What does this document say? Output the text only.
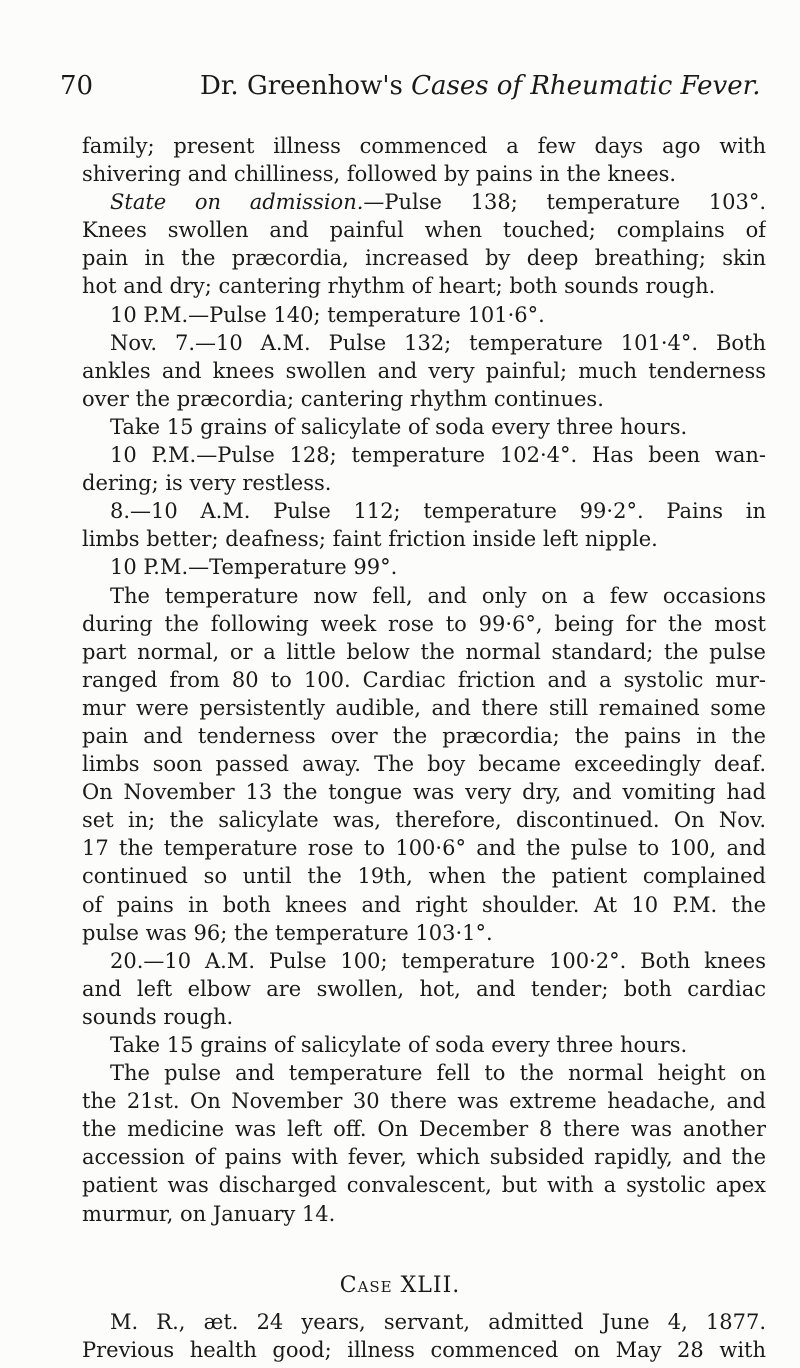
70	Dr. Greenhow's Cases of Rheumatic Fever.
family; present illness commenced a few days ago with
shivering and chilliness, followed by pains in the knees.
State on admission.—Pulse 138; temperature 103°.
Knees swollen and painful when touched; complains of
pain in the præcordia, increased by deep breathing; skin
hot and dry; cantering rhythm of heart; both sounds rough.
10 P.M.—Pulse 140; temperature 101·6°.
Nov. 7.—10 A.M. Pulse 132; temperature 101·4°. Both
ankles and knees swollen and very painful; much tenderness
over the præcordia; cantering rhythm continues.
Take 15 grains of salicylate of soda every three hours.
10 P.M.—Pulse 128; temperature 102·4°. Has been wan-
dering; is very restless.
8.—10 A.M. Pulse 112; temperature 99·2°. Pains in
limbs better; deafness; faint friction inside left nipple.
10 P.M.—Temperature 99°.
The temperature now fell, and only on a few occasions
during the following week rose to 99·6°, being for the most
part normal, or a little below the normal standard; the pulse
ranged from 80 to 100. Cardiac friction and a systolic mur-
mur were persistently audible, and there still remained some
pain and tenderness over the præcordia; the pains in the
limbs soon passed away. The boy became exceedingly deaf.
On November 13 the tongue was very dry, and vomiting had
set in; the salicylate was, therefore, discontinued. On Nov.
17 the temperature rose to 100·6° and the pulse to 100, and
continued so until the 19th, when the patient complained
of pains in both knees and right shoulder. At 10 P.M. the
pulse was 96; the temperature 103·1°.
20.—10 A.M. Pulse 100; temperature 100·2°. Both knees
and left elbow are swollen, hot, and tender; both cardiac
sounds rough.
Take 15 grains of salicylate of soda every three hours.
The pulse and temperature fell to the normal height on
the 21st. On November 30 there was extreme headache, and
the medicine was left off. On December 8 there was another
accession of pains with fever, which subsided rapidly, and the
patient was discharged convalescent, but with a systolic apex
murmur, on January 14.
Case XLII.
M. R., æt. 24 years, servant, admitted June 4, 1877.
Previous health good; illness commenced on May 28 with
